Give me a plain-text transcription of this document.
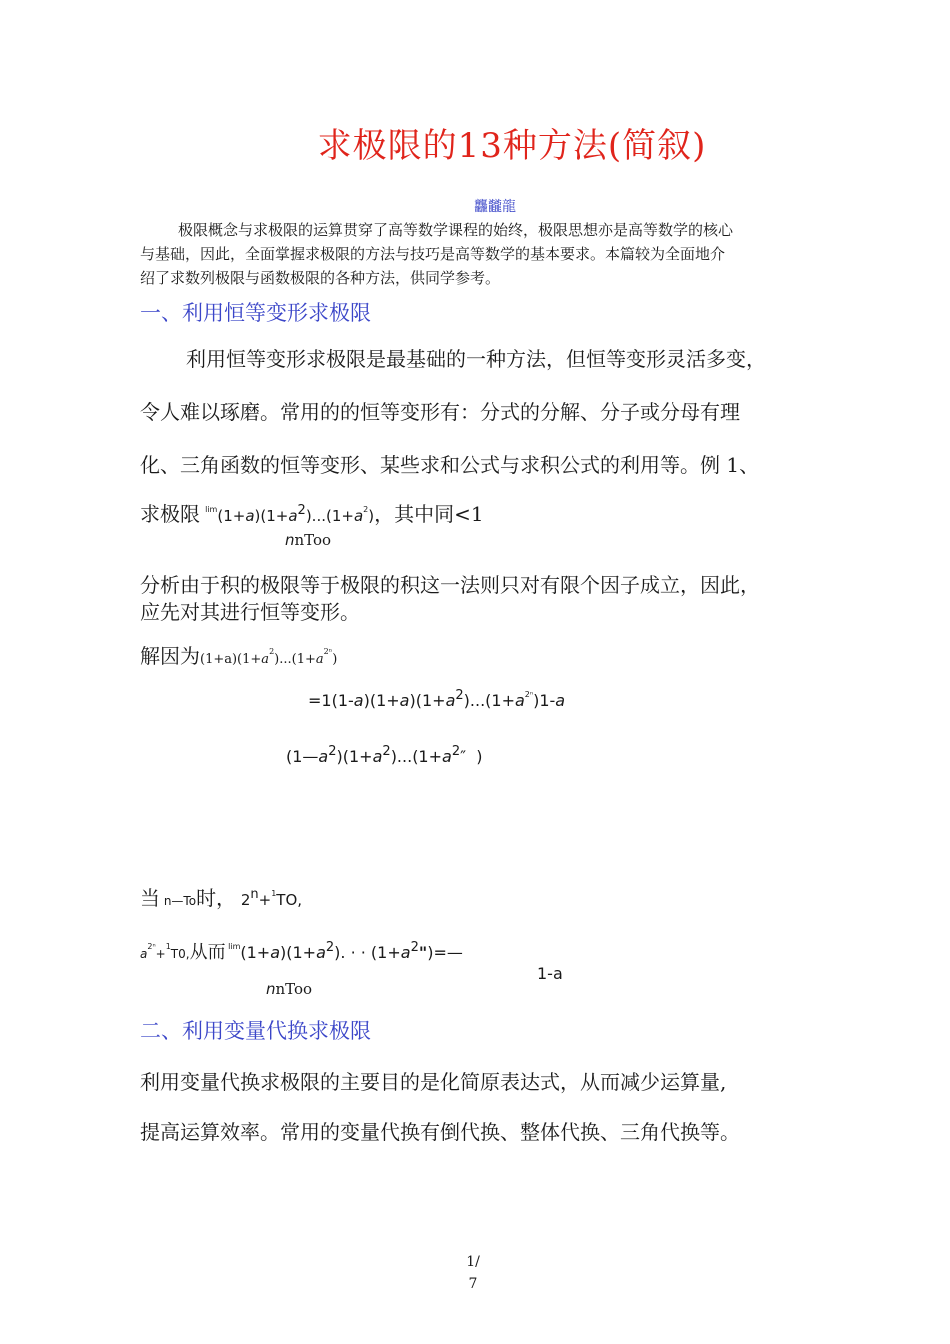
求极限的13种方法(简叙)
龘龖龍
极限概念与求极限的运算贯穿了高等数学课程的始终，极限思想亦是高等数学的核心
与基础，因此，全面掌握求极限的方法与技巧是高等数学的基本要求。本篇较为全面地介
绍了求数列极限与函数极限的各种方法，供同学参考。
一、利用恒等变形求极限
利用恒等变形求极限是最基础的一种方法，但恒等变形灵活多变，
令人难以琢磨。常用的的恒等变形有：分式的分解、分子或分母有理
化、三角函数的恒等变形、某些求和公式与求积公式的利用等。例 1、
求极限 $^{lim}(1+a)(1+a^2)...(1+a^2)$，其中同<1
nnToo
分析由于积的极限等于极限的积这一法则只对有限个因子成立，因此，
应先对其进行恒等变形。
解因为$(1+a)(1+a^2)...(1+a^{2^n})$
$=1(1-a)(1+a)(1+a^2)...(1+a^{2^n})1-a$
$(1—a^2)(1+a^2)...(1+a^2''$  )
当 n—To时， $2^n+^1TO$,
$a^{2^n}+^1T0$,从而 $^{lim}(1+a)(1+a^2)$. · · $(1+a^2")=—$
1-a
nnToo
二、利用变量代换求极限
利用变量代换求极限的主要目的是化简原表达式，从而减少运算量,
提高运算效率。常用的变量代换有倒代换、整体代换、三角代换等。
1/
7
